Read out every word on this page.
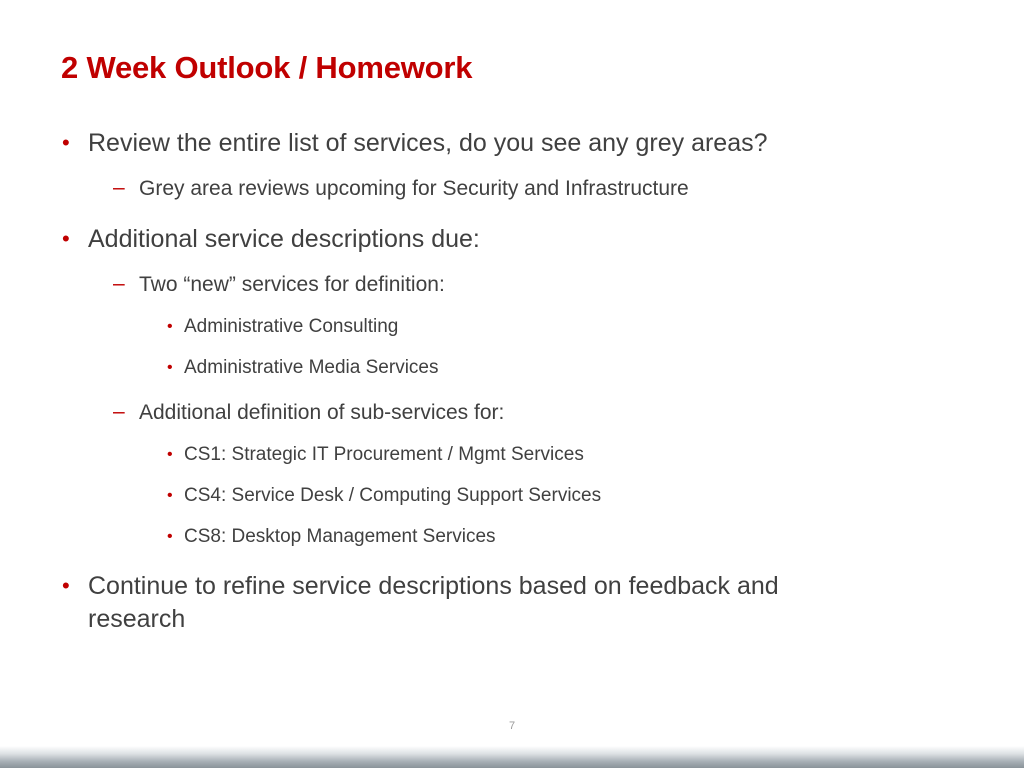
2 Week Outlook / Homework
• Review the entire list of services, do you see any grey areas?
– Grey area reviews upcoming for Security and Infrastructure
• Additional service descriptions due:
– Two “new” services for definition:
• Administrative Consulting
• Administrative Media Services
– Additional definition of sub-services for:
• CS1: Strategic IT Procurement / Mgmt Services
• CS4: Service Desk / Computing Support Services
• CS8: Desktop Management Services
• Continue to refine service descriptions based on feedback and
research
7
